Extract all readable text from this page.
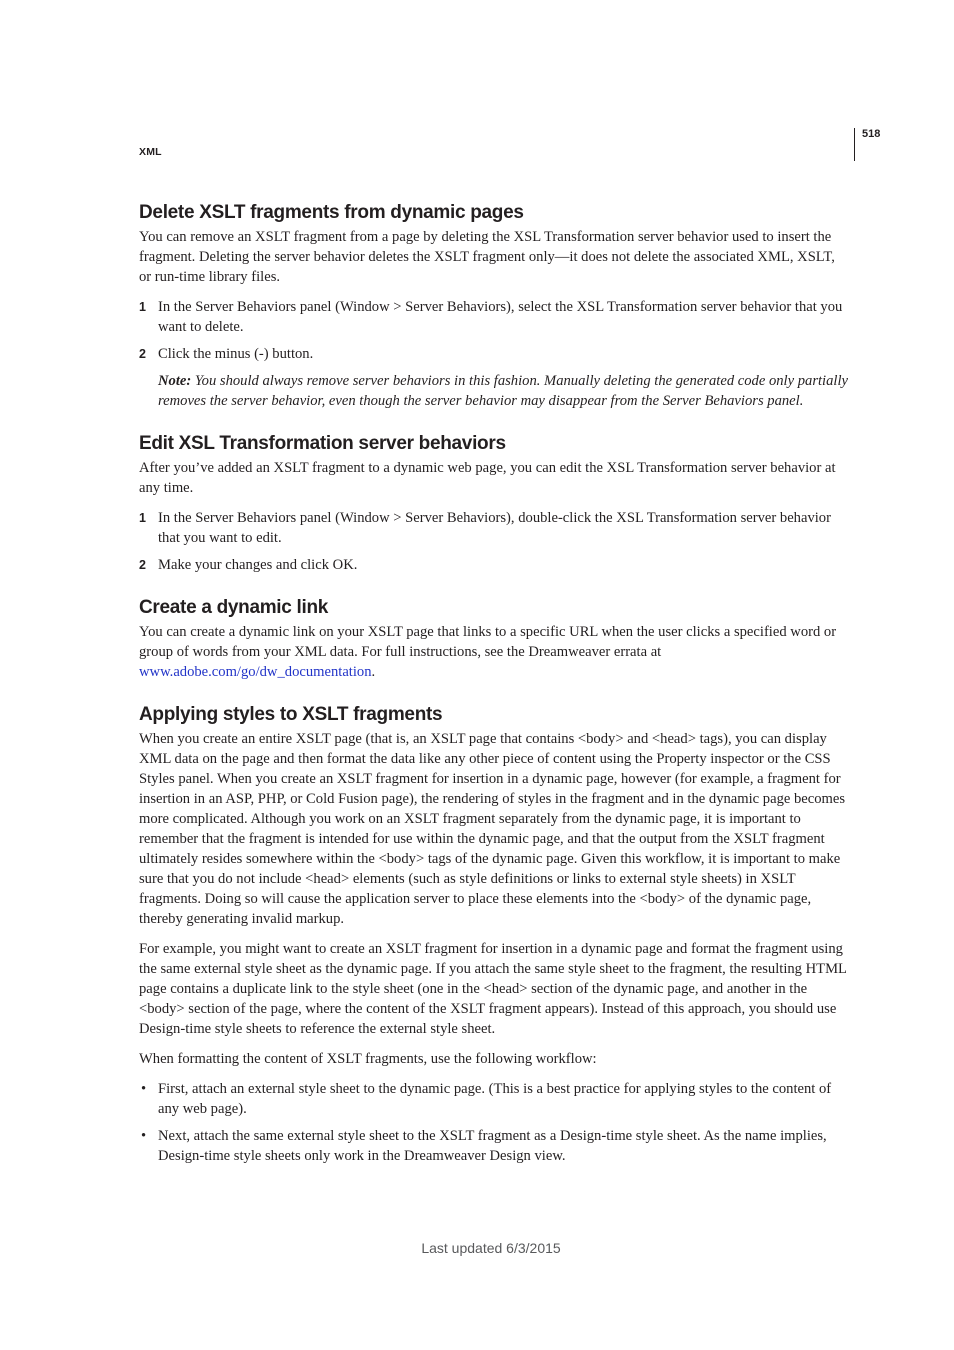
XML
518
Delete XSLT fragments from dynamic pages

You can remove an XSLT fragment from a page by deleting the XSL Transformation server behavior used to insert the fragment. Deleting the server behavior deletes the XSLT fragment only—it does not delete the associated XML, XSLT, or run-time library files.

1 In the Server Behaviors panel (Window > Server Behaviors), select the XSL Transformation server behavior that you want to delete.
2 Click the minus (-) button.

Note: You should always remove server behaviors in this fashion. Manually deleting the generated code only partially removes the server behavior, even though the server behavior may disappear from the Server Behaviors panel.

Edit XSL Transformation server behaviors

After you’ve added an XSLT fragment to a dynamic web page, you can edit the XSL Transformation server behavior at any time.

1 In the Server Behaviors panel (Window > Server Behaviors), double-click the XSL Transformation server behavior that you want to edit.
2 Make your changes and click OK.
Create a dynamic link

You can create a dynamic link on your XSLT page that links to a specific URL when the user clicks a specified word or group of words from your XML data. For full instructions, see the Dreamweaver errata at www.adobe.com/go/dw_documentation.

Applying styles to XSLT fragments

When you create an entire XSLT page (that is, an XSLT page that contains <body> and <head> tags), you can display XML data on the page and then format the data like any other piece of content using the Property inspector or the CSS Styles panel. When you create an XSLT fragment for insertion in a dynamic page, however (for example, a fragment for insertion in an ASP, PHP, or Cold Fusion page), the rendering of styles in the fragment and in the dynamic page becomes more complicated. Although you work on an XSLT fragment separately from the dynamic page, it is important to remember that the fragment is intended for use within the dynamic page, and that the output from the XSLT fragment ultimately resides somewhere within the <body> tags of the dynamic page. Given this workflow, it is important to make sure that you do not include <head> elements (such as style definitions or links to external style sheets) in XSLT fragments. Doing so will cause the application server to place these elements into the <body> of the dynamic page, thereby generating invalid markup.

For example, you might want to create an XSLT fragment for insertion in a dynamic page and format the fragment using the same external style sheet as the dynamic page. If you attach the same style sheet to the fragment, the resulting HTML page contains a duplicate link to the style sheet (one in the <head> section of the dynamic page, and another in the <body> section of the page, where the content of the XSLT fragment appears). Instead of this approach, you should use Design-time style sheets to reference the external style sheet.

When formatting the content of XSLT fragments, use the following workflow:

• First, attach an external style sheet to the dynamic page. (This is a best practice for applying styles to the content of any web page).
• Next, attach the same external style sheet to the XSLT fragment as a Design-time style sheet. As the name implies, Design-time style sheets only work in the Dreamweaver Design view.
Last updated 6/3/2015
